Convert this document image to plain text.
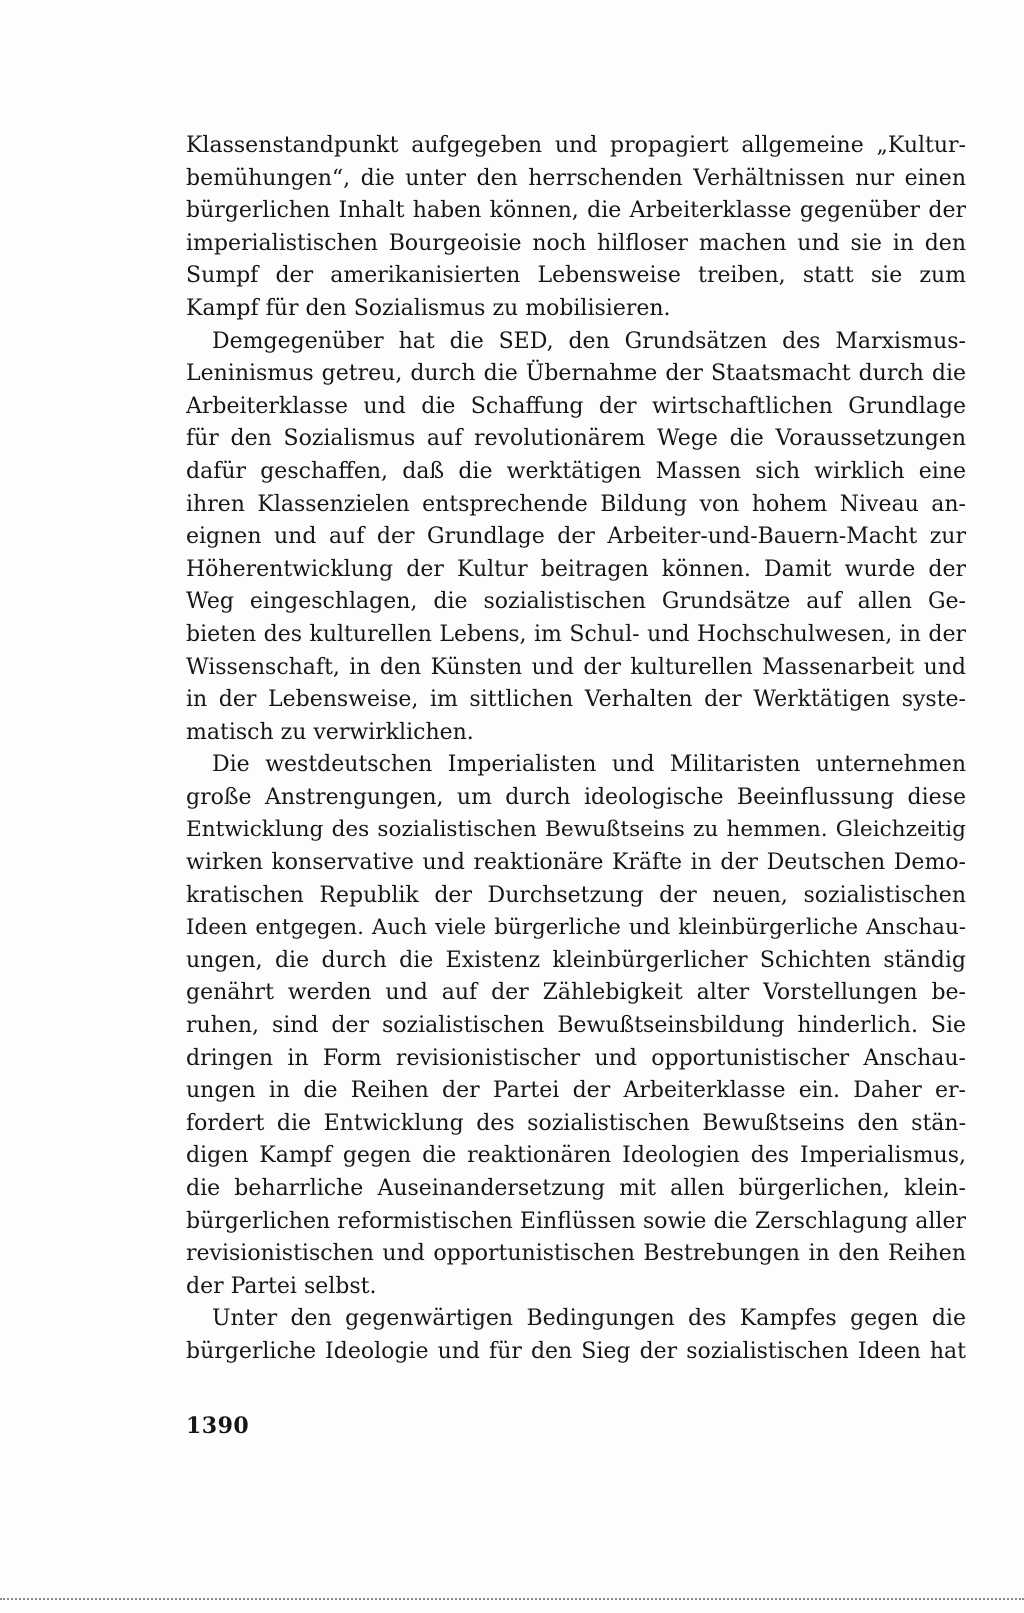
Klassenstandpunkt aufgegeben und propagiert allgemeine „Kultur-
bemühungen“, die unter den herrschenden Verhältnissen nur einen
bürgerlichen Inhalt haben können, die Arbeiterklasse gegenüber der
imperialistischen Bourgeoisie noch hilfloser machen und sie in den
Sumpf der amerikanisierten Lebensweise treiben, statt sie zum
Kampf für den Sozialismus zu mobilisieren.
Demgegenüber hat die SED, den Grundsätzen des Marxismus-
Leninismus getreu, durch die Übernahme der Staatsmacht durch die
Arbeiterklasse und die Schaffung der wirtschaftlichen Grundlage
für den Sozialismus auf revolutionärem Wege die Voraussetzungen
dafür geschaffen, daß die werktätigen Massen sich wirklich eine
ihren Klassenzielen entsprechende Bildung von hohem Niveau an-
eignen und auf der Grundlage der Arbeiter-und-Bauern-Macht zur
Höherentwicklung der Kultur beitragen können. Damit wurde der
Weg eingeschlagen, die sozialistischen Grundsätze auf allen Ge-
bieten des kulturellen Lebens, im Schul- und Hochschulwesen, in der
Wissenschaft, in den Künsten und der kulturellen Massenarbeit und
in der Lebensweise, im sittlichen Verhalten der Werktätigen syste-
matisch zu verwirklichen.
Die westdeutschen Imperialisten und Militaristen unternehmen
große Anstrengungen, um durch ideologische Beeinflussung diese
Entwicklung des sozialistischen Bewußtseins zu hemmen. Gleichzeitig
wirken konservative und reaktionäre Kräfte in der Deutschen Demo-
kratischen Republik der Durchsetzung der neuen, sozialistischen
Ideen entgegen. Auch viele bürgerliche und kleinbürgerliche Anschau-
ungen, die durch die Existenz kleinbürgerlicher Schichten ständig
genährt werden und auf der Zählebigkeit alter Vorstellungen be-
ruhen, sind der sozialistischen Bewußtseinsbildung hinderlich. Sie
dringen in Form revisionistischer und opportunistischer Anschau-
ungen in die Reihen der Partei der Arbeiterklasse ein. Daher er-
fordert die Entwicklung des sozialistischen Bewußtseins den stän-
digen Kampf gegen die reaktionären Ideologien des Imperialismus,
die beharrliche Auseinandersetzung mit allen bürgerlichen, klein-
bürgerlichen reformistischen Einflüssen sowie die Zerschlagung aller
revisionistischen und opportunistischen Bestrebungen in den Reihen
der Partei selbst.
Unter den gegenwärtigen Bedingungen des Kampfes gegen die
bürgerliche Ideologie und für den Sieg der sozialistischen Ideen hat
1390
